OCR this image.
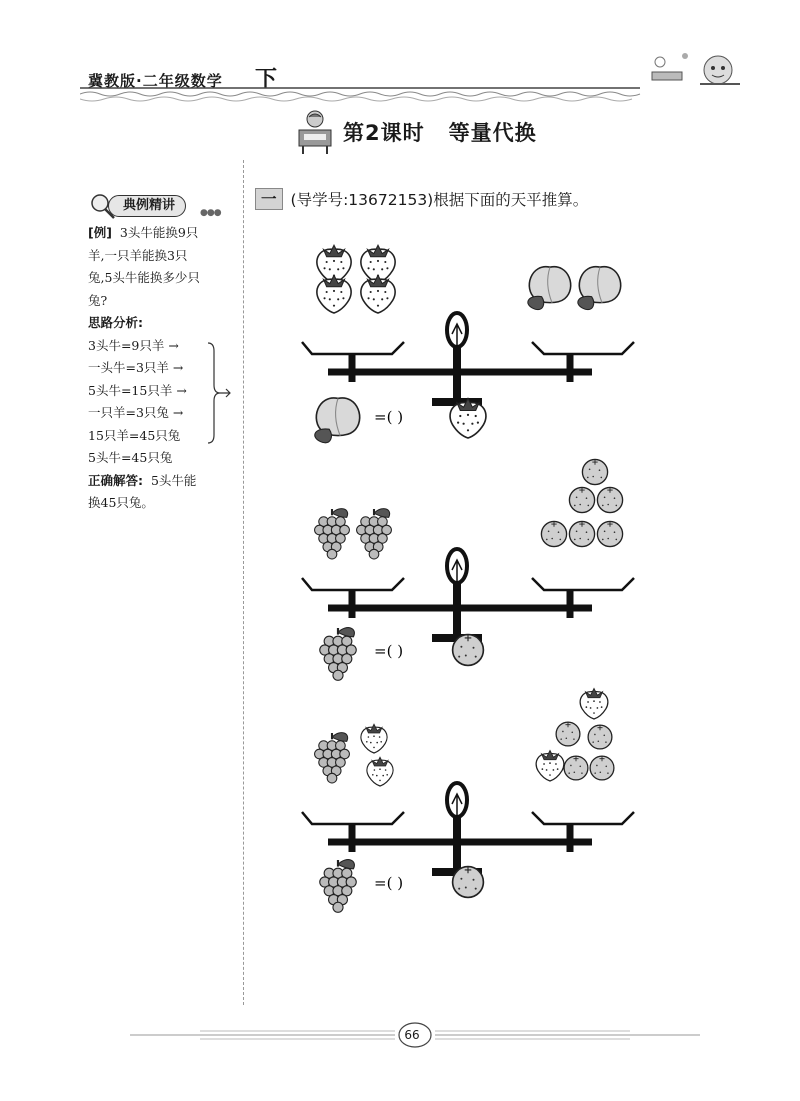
冀教版·二年级数学 下
第2课时 等量代换
典例精讲	●●●
[例] 3头牛能换9只
羊,一只羊能换3只
兔,5头牛能换多少只
兔?
思路分析:
3头牛=9只羊 →
一头牛=3只羊 →
5头牛=15只羊 →
一只羊=3只兔 →
15只羊=45只兔
5头牛=45只兔
正确解答: 5头牛能
换45只兔。
一 (导学号:13672153)根据下面的天平推算。
=( )
=( )
=( )
66
